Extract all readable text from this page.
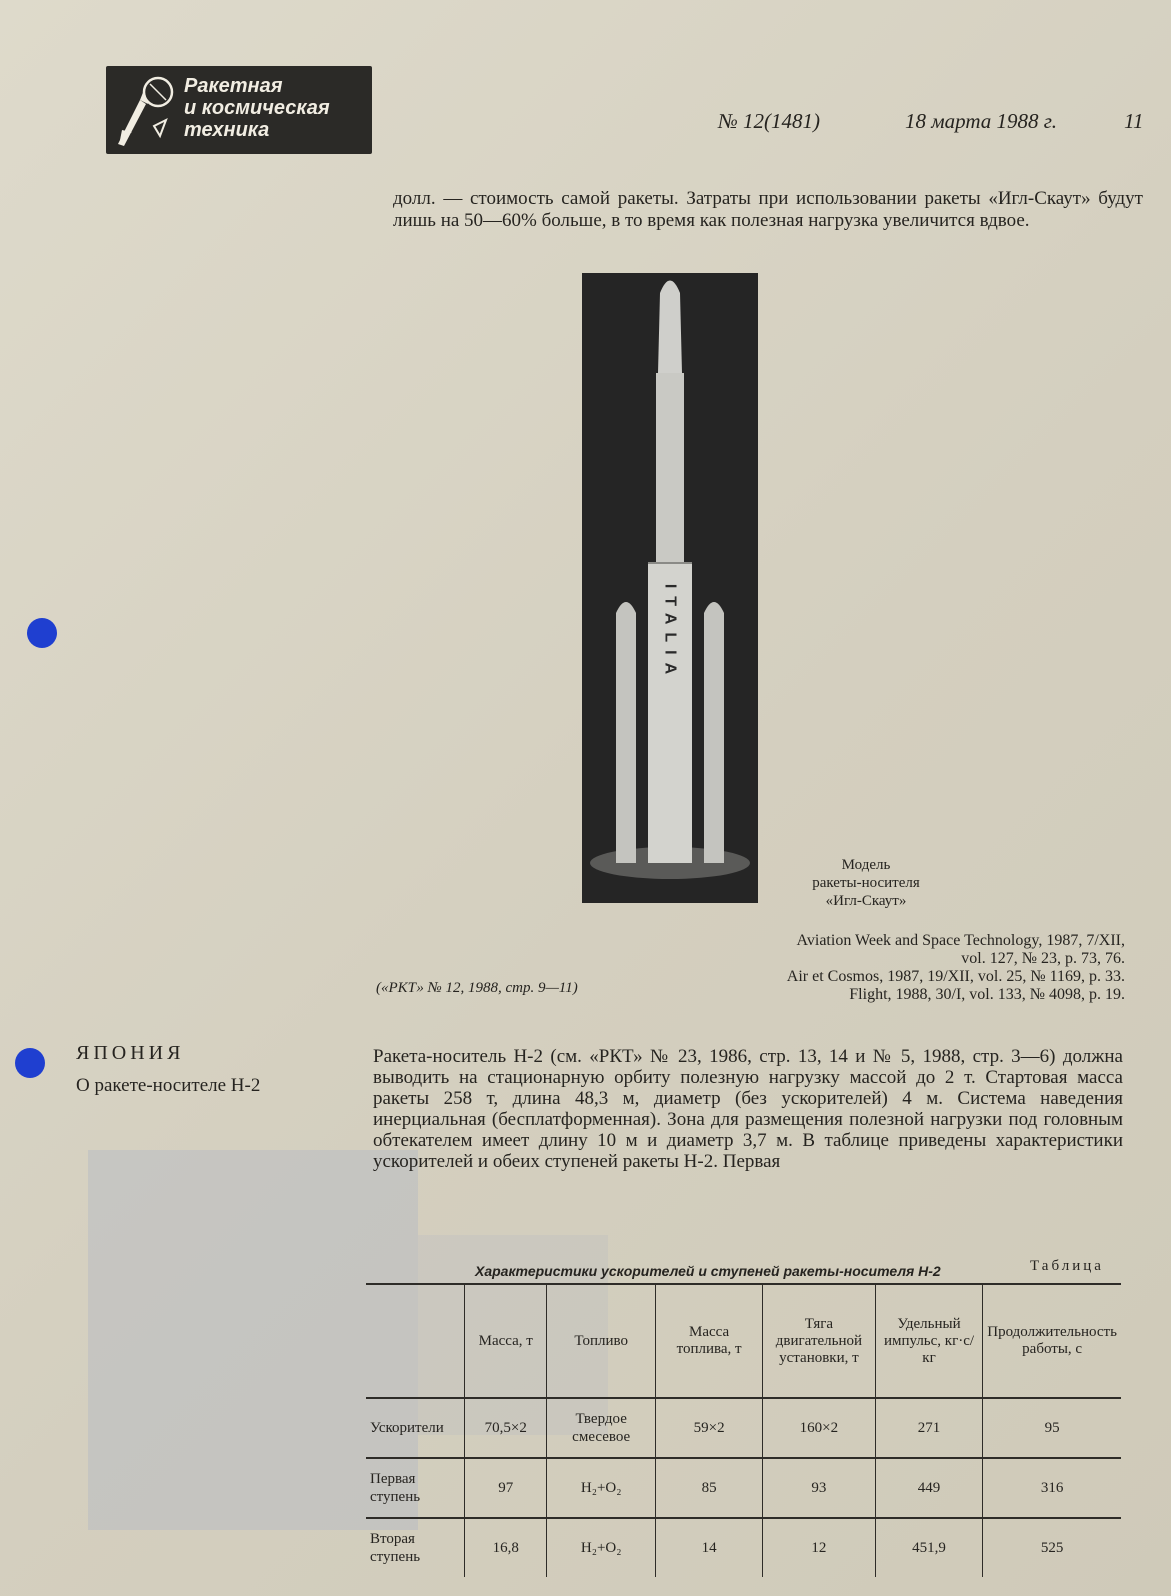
Ракетная
и космическая
техника	№ 12(1481)	18 марта 1988 г.	11
долл. — стоимость самой ракеты. Затраты при использовании ракеты «Игл-Скаут» будут лишь на 50—60% больше, в то время как полезная нагрузка увеличится вдвое.
ITALIA
Модель
ракеты-носителя
«Игл-Скаут»
(«РКТ» № 12, 1988, стр. 9—11)
Aviation Week and Space Technology, 1987, 7/XII,
vol. 127, № 23, p. 73, 76.
Air et Cosmos, 1987, 19/XII, vol. 25, № 1169, p. 33.
Flight, 1988, 30/I, vol. 133, № 4098, p. 19.
ЯПОНИЯ
О ракете-носителе Н-2
Ракета-носитель Н-2 (см. «РКТ» № 23, 1986, стр. 13, 14 и № 5, 1988, стр. 3—6) должна выводить на стационарную орбиту полезную нагрузку массой до 2 т. Стартовая масса ракеты 258 т, длина 48,3 м, диаметр (без ускорителей) 4 м. Система наведения инерциальная (бесплатформенная). Зона для размещения полезной нагрузки под головным обтекателем имеет длину 10 м и диаметр 3,7 м. В таблице приведены характеристики ускорителей и обеих ступеней ракеты Н-2. Первая
Таблица
Характеристики ускорителей и ступеней ракеты-носителя Н-2
	Масса, т	Топливо	Масса топлива, т	Тяга двигательной установки, т	Удельный импульс, кг·с/кг	Продолжительность работы, с
Ускорители	70,5×2	Твердое смесевое	59×2	160×2	271	95
Первая ступень	97	H₂+O₂	85	93	449	316
Вторая ступень	16,8	H₂+O₂	14	12	451,9	525
